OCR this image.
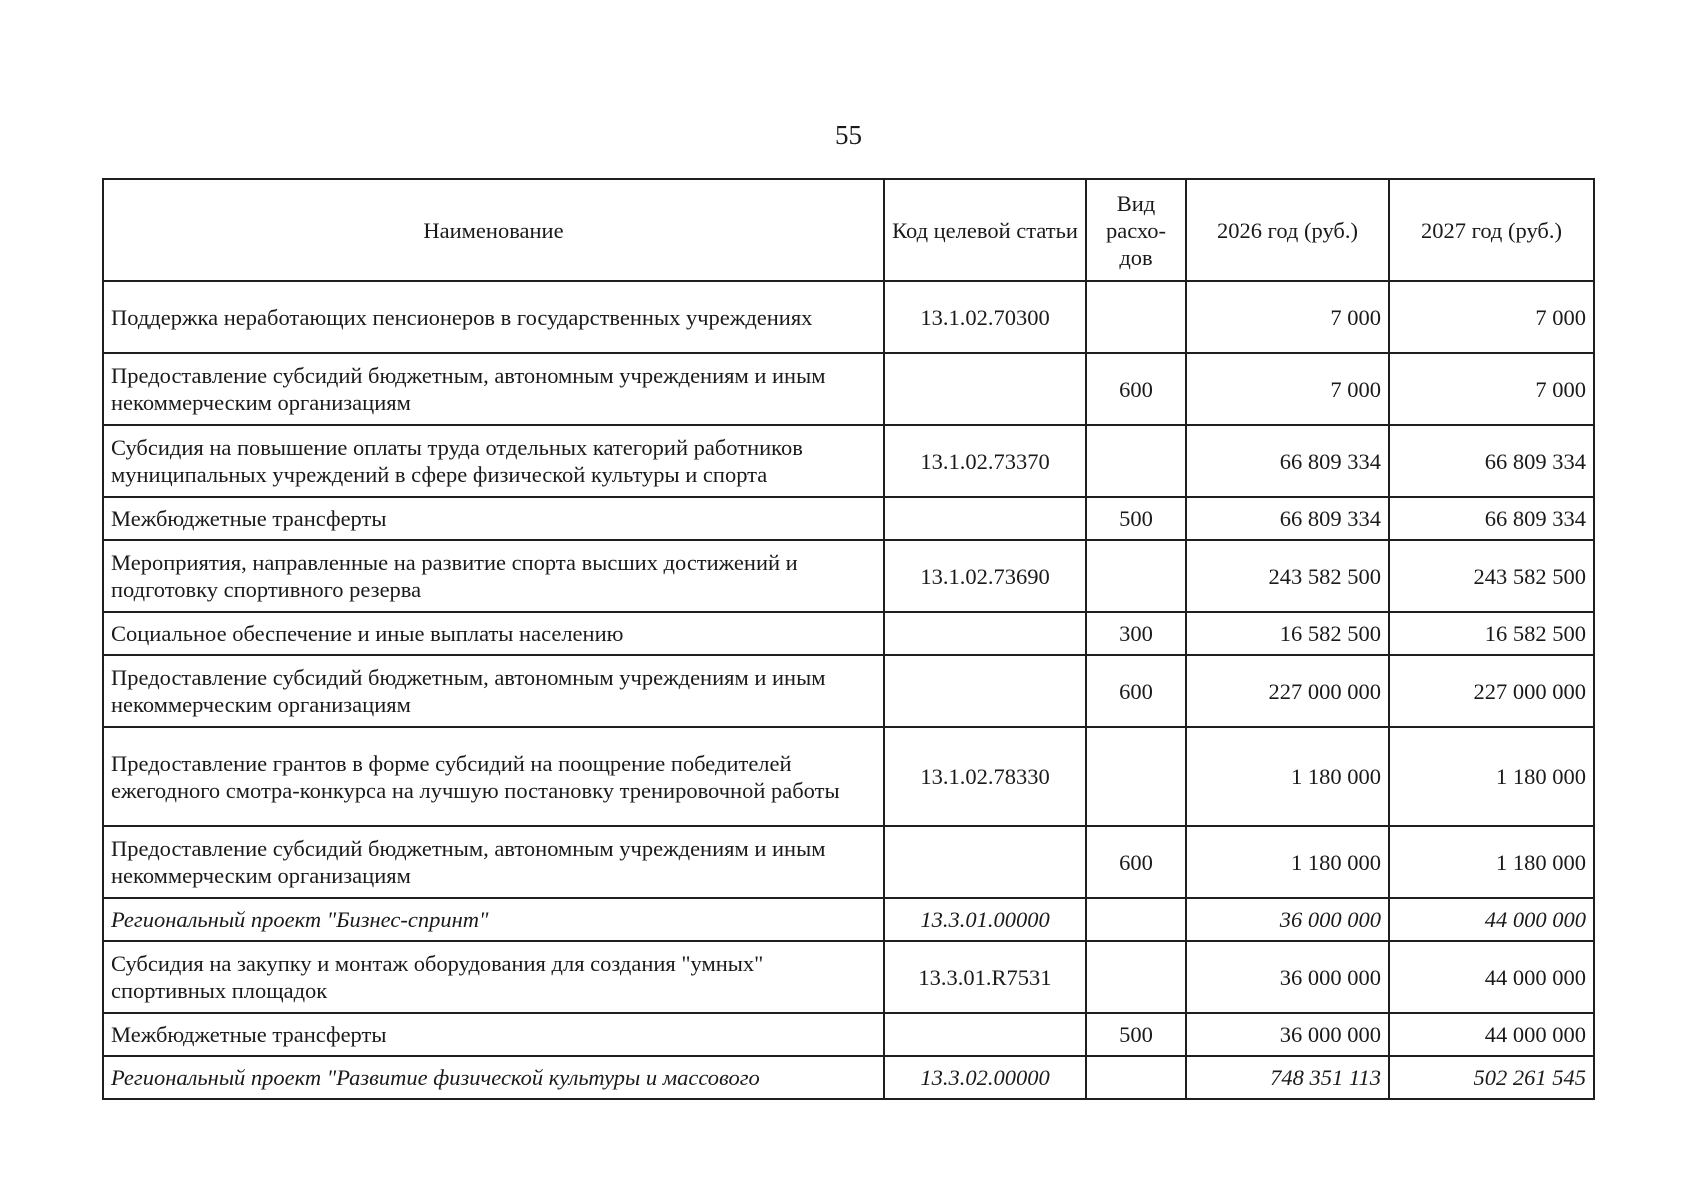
55
Наименование	Код целевой статьи	Вид расхо-дов	2026 год (руб.)	2027 год (руб.)
Поддержка неработающих пенсионеров в государственных учреждениях	13.1.02.70300		7 000	7 000
Предоставление субсидий бюджетным, автономным учреждениям и иным некоммерческим организациям		600	7 000	7 000
Субсидия на повышение оплаты труда отдельных категорий работников муниципальных учреждений в сфере физической культуры и спорта	13.1.02.73370		66 809 334	66 809 334
Межбюджетные трансферты		500	66 809 334	66 809 334
Мероприятия, направленные на развитие спорта высших достижений и подготовку спортивного резерва	13.1.02.73690		243 582 500	243 582 500
Социальное обеспечение и иные выплаты населению		300	16 582 500	16 582 500
Предоставление субсидий бюджетным, автономным учреждениям и иным некоммерческим организациям		600	227 000 000	227 000 000
Предоставление грантов в форме субсидий на поощрение победителей ежегодного смотра-конкурса на лучшую постановку тренировочной работы	13.1.02.78330		1 180 000	1 180 000
Предоставление субсидий бюджетным, автономным учреждениям и иным некоммерческим организациям		600	1 180 000	1 180 000
Региональный проект "Бизнес-спринт"	13.3.01.00000		36 000 000	44 000 000
Субсидия на закупку и монтаж оборудования для создания "умных" спортивных площадок	13.3.01.R7531		36 000 000	44 000 000
Межбюджетные трансферты		500	36 000 000	44 000 000
Региональный проект "Развитие физической культуры и массового	13.3.02.00000		748 351 113	502 261 545
